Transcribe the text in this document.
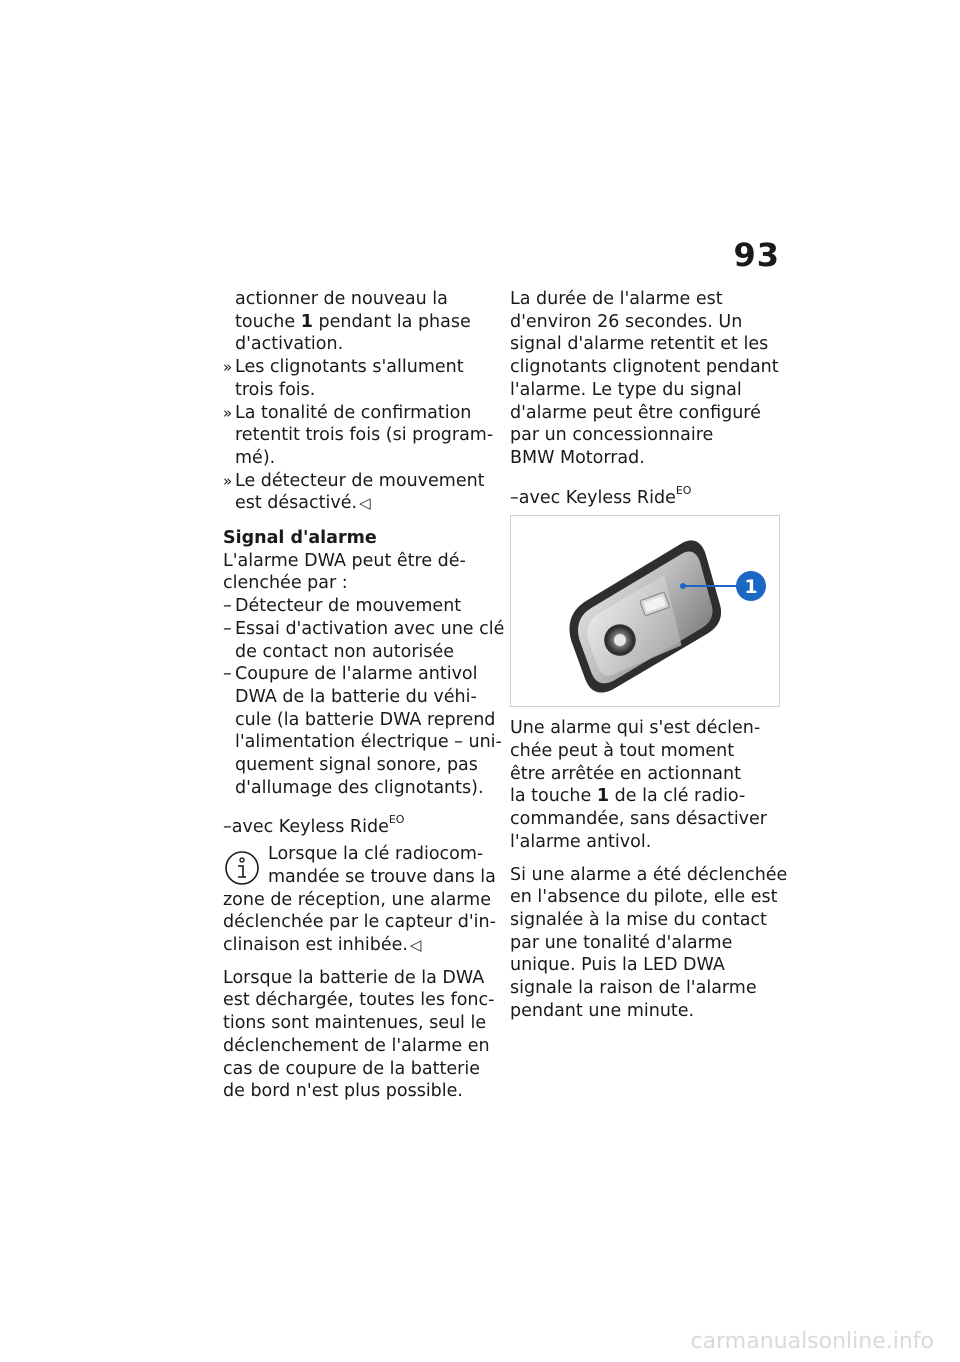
93
actionner de nouveau la
touche 1 pendant la phase
d'activation.
» Les clignotants s'allument
trois fois.
» La tonalité de confirmation
retentit trois fois (si program-
mé).
» Le détecteur de mouvement
est désactivé. ◁
Signal d'alarme
L'alarme DWA peut être dé-
clenchée par :
– Détecteur de mouvement
– Essai d'activation avec une clé
de contact non autorisée
– Coupure de l'alarme antivol
DWA de la batterie du véhi-
cule (la batterie DWA reprend
l'alimentation électrique – uni-
quement signal sonore, pas
d'allumage des clignotants).
–avec Keyless Ride$^{EO}$
Lorsque la clé radiocom-
mandée se trouve dans la
zone de réception, une alarme
déclenchée par le capteur d'in-
clinaison est inhibée. ◁
Lorsque la batterie de la DWA
est déchargée, toutes les fonc-
tions sont maintenues, seul le
déclenchement de l'alarme en
cas de coupure de la batterie
de bord n'est plus possible.
La durée de l'alarme est
d'environ 26 secondes. Un
signal d'alarme retentit et les
clignotants clignotent pendant
l'alarme. Le type du signal
d'alarme peut être configuré
par un concessionnaire
BMW Motorrad.
–avec Keyless Ride$^{EO}$
1
Une alarme qui s'est déclen-
chée peut à tout moment
être arrêtée en actionnant
la touche 1 de la clé radio-
commandée, sans désactiver
l'alarme antivol.
Si une alarme a été déclenchée
en l'absence du pilote, elle est
signalée à la mise du contact
par une tonalité d'alarme
unique. Puis la LED DWA
signale la raison de l'alarme
pendant une minute.
carmanualsonline.info
